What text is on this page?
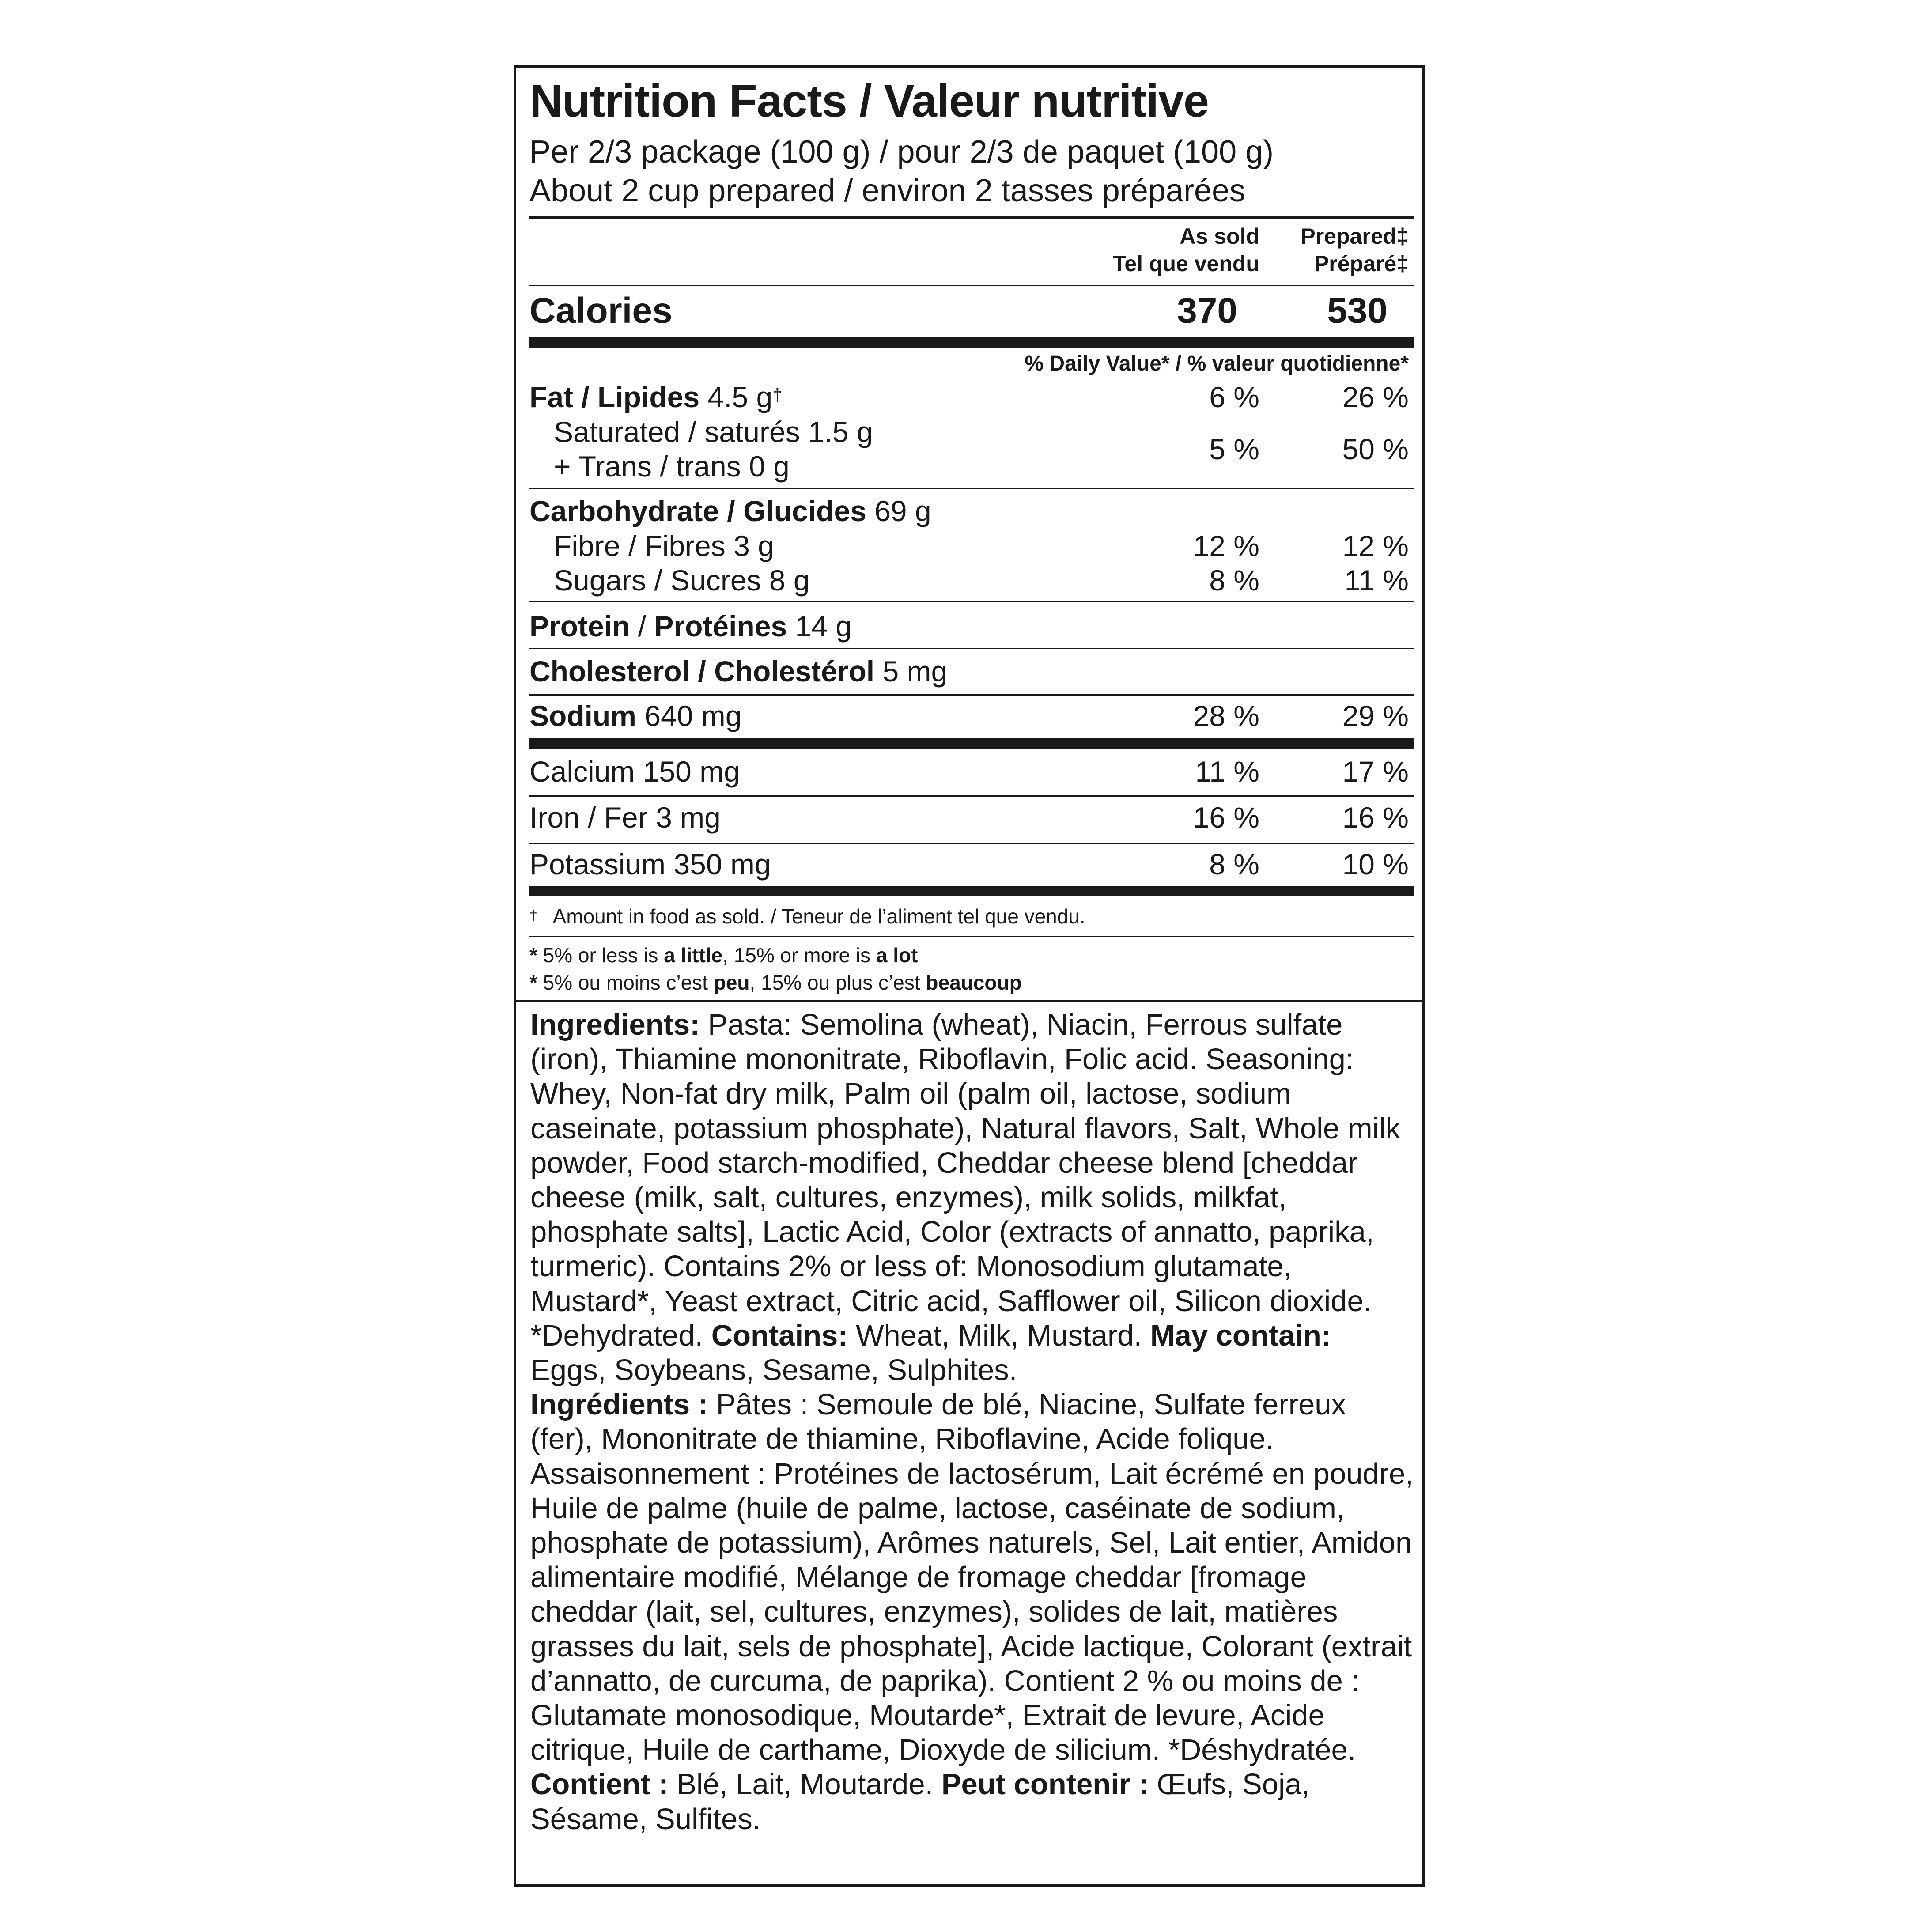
Nutrition Facts / Valeur nutritive
Per 2/3 package (100 g) / pour 2/3 de paquet (100 g)
About 2 cup prepared / environ 2 tasses préparées
As sold
Tel que vendu
Prepared‡
Préparé‡
Calories	370 530
% Daily Value* / % valeur quotidienne*
Fat / Lipides 4.5 g†	6 %	26 %
Saturated / saturés 1.5 g
+ Trans / trans 0 g
5 %	50 %
Carbohydrate / Glucides 69 g
Fibre / Fibres 3 g	12 %	12 %
Sugars / Sucres 8 g	8 %	11 %
Protein / Protéines 14 g
Cholesterol / Cholestérol 5 mg
Sodium 640 mg	28 %	29 %
Calcium 150 mg	11 %	17 %
Iron / Fer 3 mg	16 %	16 %
Potassium 350 mg	8 %	10 %
† Amount in food as sold. / Teneur de l’aliment tel que vendu.
* 5% or less is a little, 15% or more is a lot
* 5% ou moins c’est peu, 15% ou plus c’est beaucoup

Ingredients: Pasta: Semolina (wheat), Niacin, Ferrous sulfate (iron), Thiamine mononitrate, Riboflavin, Folic acid. Seasoning: Whey, Non-fat dry milk, Palm oil (palm oil, lactose, sodium caseinate, potassium phosphate), Natural flavors, Salt, Whole milk powder, Food starch-modified, Cheddar cheese blend [cheddar cheese (milk, salt, cultures, enzymes), milk solids, milkfat, phosphate salts], Lactic Acid, Color (extracts of annatto, paprika, turmeric). Contains 2% or less of: Monosodium glutamate, Mustard*, Yeast extract, Citric acid, Safflower oil, Silicon dioxide. *Dehydrated. Contains: Wheat, Milk, Mustard. May contain: Eggs, Soybeans, Sesame, Sulphites.

Ingrédients : Pâtes : Semoule de blé, Niacine, Sulfate ferreux (fer), Mononitrate de thiamine, Riboflavine, Acide folique. Assaisonnement : Protéines de lactosérum, Lait écrémé en poudre, Huile de palme (huile de palme, lactose, caséinate de sodium, phosphate de potassium), Arômes naturels, Sel, Lait entier, Amidon alimentaire modifié, Mélange de fromage cheddar [fromage cheddar (lait, sel, cultures, enzymes), solides de lait, matières grasses du lait, sels de phosphate], Acide lactique, Colorant (extrait d’annatto, de curcuma, de paprika). Contient 2 % ou moins de : Glutamate monosodique, Moutarde*, Extrait de levure, Acide citrique, Huile de carthame, Dioxyde de silicium. *Déshydratée. Contient : Blé, Lait, Moutarde. Peut contenir : Œufs, Soja, Sésame, Sulfites.
